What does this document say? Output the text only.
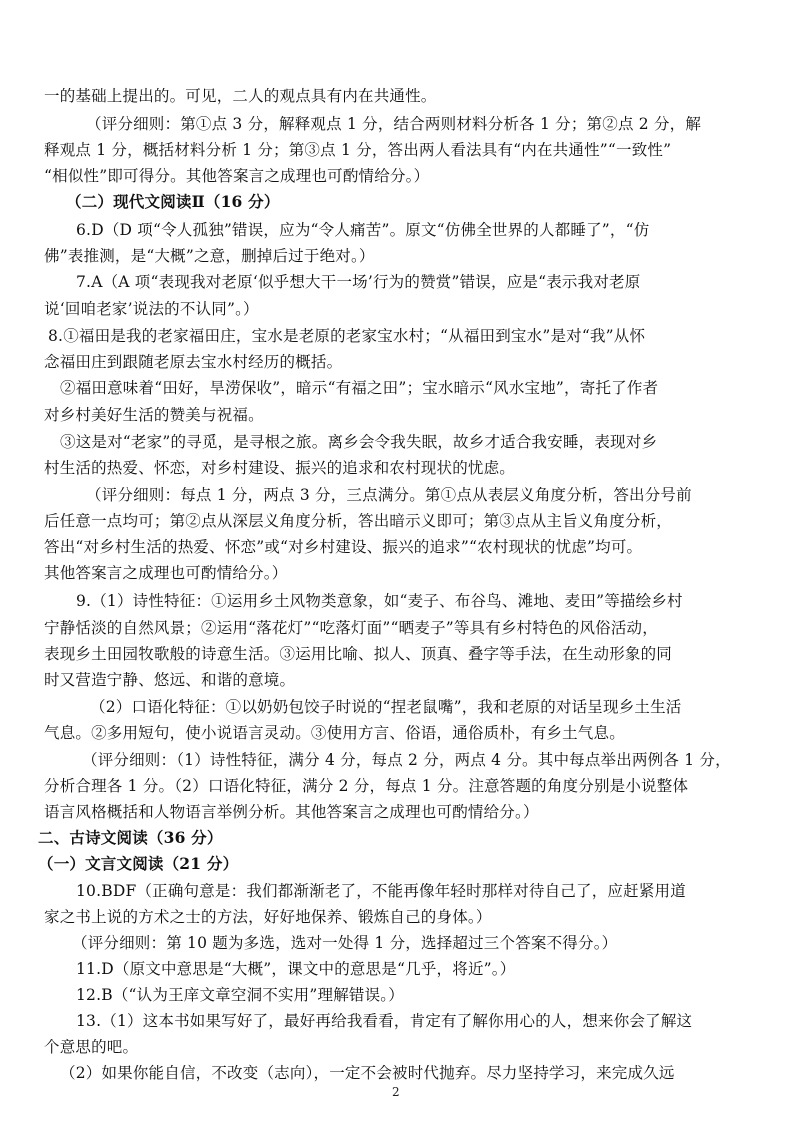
一的基础上提出的。可见，二人的观点具有内在共通性。
（评分细则：第①点 3 分，解释观点 1 分，结合两则材料分析各 1 分；第②点 2 分，解
释观点 1 分，概括材料分析 1 分；第③点 1 分，答出两人看法具有“内在共通性”“一致性”
“相似性”即可得分。其他答案言之成理也可酌情给分。）
（二）现代文阅读Ⅱ（16 分）
6.D（D 项“令人孤独”错误，应为“令人痛苦”。原文“仿佛全世界的人都睡了”，“仿
佛”表推测，是“大概”之意，删掉后过于绝对。）
7.A（A 项“表现我对老原‘似乎想大干一场’行为的赞赏”错误，应是“表示我对老原
说‘回咱老家’说法的不认同”。）
8.①福田是我的老家福田庄，宝水是老原的老家宝水村；“从福田到宝水”是对“我”从怀
念福田庄到跟随老原去宝水村经历的概括。
②福田意味着“田好，旱涝保收”，暗示“有福之田”；宝水暗示“风水宝地”，寄托了作者
对乡村美好生活的赞美与祝福。
③这是对“老家”的寻觅，是寻根之旅。离乡会令我失眠，故乡才适合我安睡，表现对乡
村生活的热爱、怀恋，对乡村建设、振兴的追求和农村现状的忧虑。
（评分细则：每点 1 分，两点 3 分，三点满分。第①点从表层义角度分析，答出分号前
后任意一点均可；第②点从深层义角度分析，答出暗示义即可；第③点从主旨义角度分析，
答出“对乡村生活的热爱、怀恋”或“对乡村建设、振兴的追求”“农村现状的忧虑”均可。
其他答案言之成理也可酌情给分。）
9.（1）诗性特征：①运用乡土风物类意象，如“麦子、布谷鸟、滩地、麦田”等描绘乡村
宁静恬淡的自然风景；②运用“落花灯”“吃落灯面”“晒麦子”等具有乡村特色的风俗活动，
表现乡土田园牧歌般的诗意生活。③运用比喻、拟人、顶真、叠字等手法，在生动形象的同
时又营造宁静、悠远、和谐的意境。
（2）口语化特征：①以奶奶包饺子时说的“捏老鼠嘴”，我和老原的对话呈现乡土生活
气息。②多用短句，使小说语言灵动。③使用方言、俗语，通俗质朴，有乡土气息。
（评分细则：（1）诗性特征，满分 4 分，每点 2 分，两点 4 分。其中每点举出两例各 1 分，
分析合理各 1 分。（2）口语化特征，满分 2 分，每点 1 分。注意答题的角度分别是小说整体
语言风格概括和人物语言举例分析。其他答案言之成理也可酌情给分。）
二、古诗文阅读（36 分）
（一）文言文阅读（21 分）
10.BDF（正确句意是：我们都渐渐老了，不能再像年轻时那样对待自己了，应赶紧用道
家之书上说的方术之士的方法，好好地保养、锻炼自己的身体。）
（评分细则：第 10 题为多选，选对一处得 1 分，选择超过三个答案不得分。）
11.D（原文中意思是“大概”，课文中的意思是“几乎，将近”。）
12.B（“认为王庠文章空洞不实用”理解错误。）
13.（1）这本书如果写好了，最好再给我看看，肯定有了解你用心的人，想来你会了解这
个意思的吧。
（2）如果你能自信，不改变（志向），一定不会被时代抛弃。尽力坚持学习，来完成久远
2
